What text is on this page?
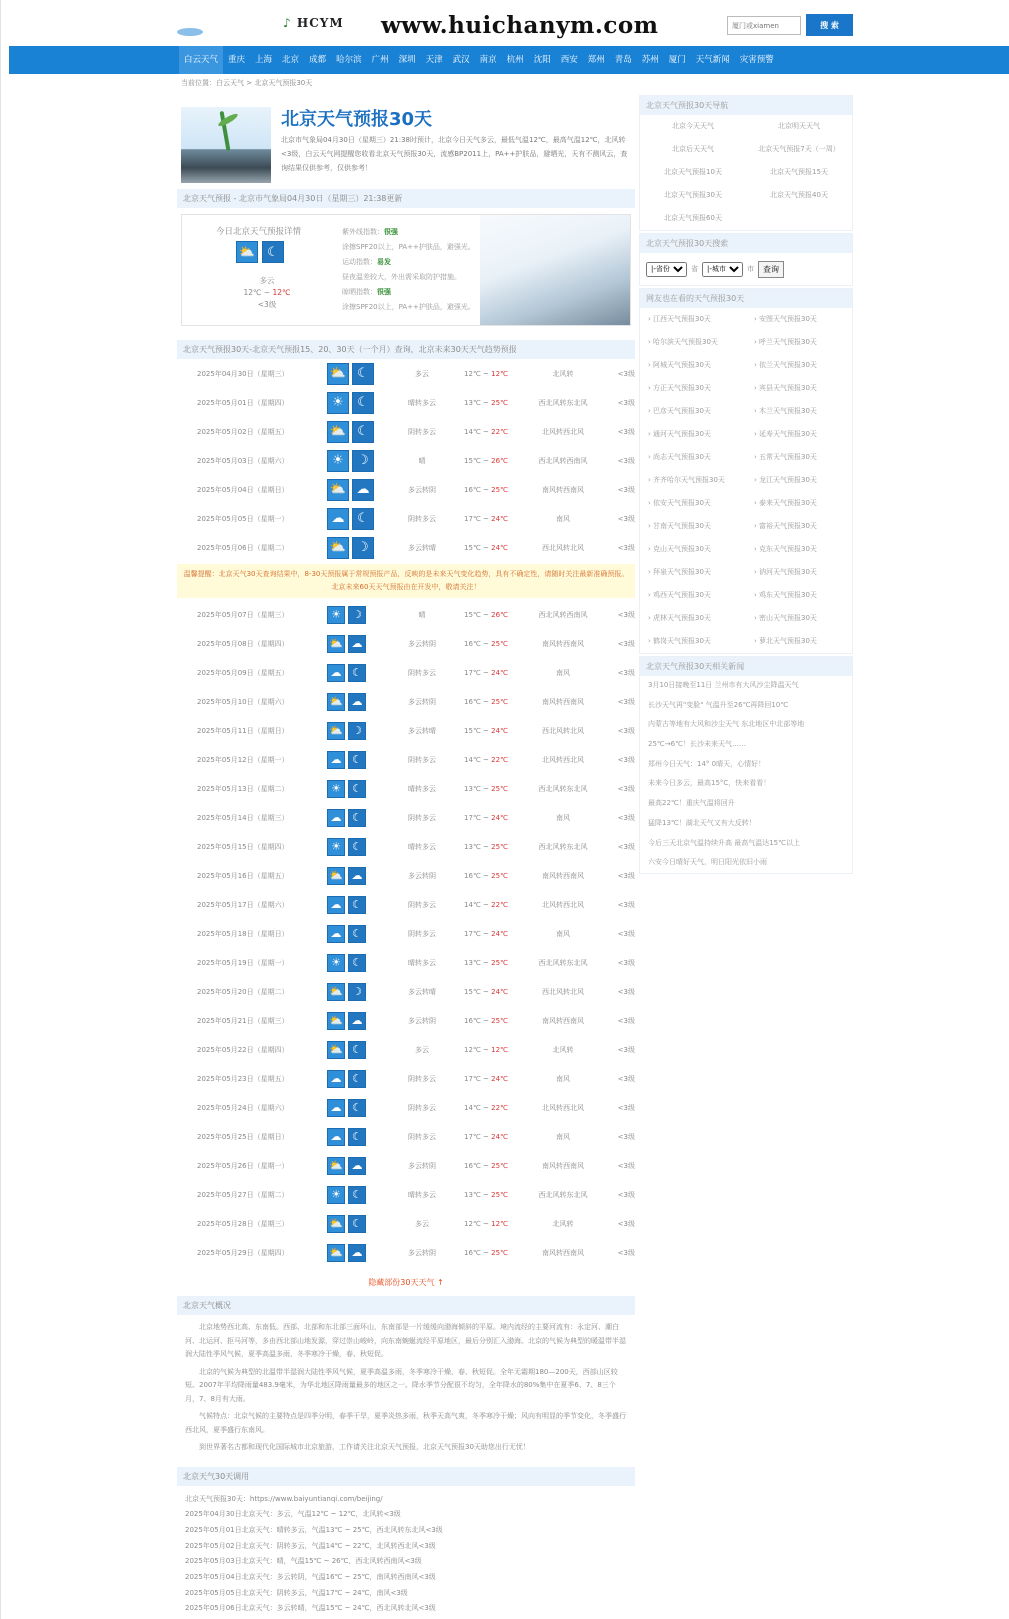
♪ HCYM www.huichanym.com
厦门或xiamen	搜 索
白云天气	重庆	上海	北京	成都	哈尔滨	广州	深圳	天津	武汉	南京	杭州	沈阳	西安	郑州	青岛	苏州	厦门	天气新闻	灾害预警
当前位置：白云天气 > 北京天气预报30天
北京天气预报30天
北京市气象局04月30日（星期三）21:38时预计，北京今日天气多云，最低气温12℃，最高气温12℃，北风转<3级，白云天气网提醒您收看北京天气预报30天，流感BP2011上，PA++护肤品，避晒光，天有不测风云，查询结果仅供参考，仅供参考！
北京天气预报 - 北京市气象局04月30日（星期三）21:38更新
今日北京天气预报详情
⛅ ☾
多云
12℃ ~ 12℃
<3级
紫外线指数：很强
涂擦SPF20以上，PA++护肤品，避强光。
运动指数：易发
昼夜温差较大，外出需采取防护措施。
晾晒指数：很强
涂擦SPF20以上，PA++护肤品，避强光。
北京天气预报30天-北京天气预报15、20、30天（一个月）查询，北京未来30天天气趋势预报
2025年04月30日（星期三）	⛅ ☾	多云	12℃ ~ 12℃	北风转	<3级
2025年05月01日（星期四）	☀	☾	晴转多云	13℃ ~ 25℃	西北风转东北风	<3级
2025年05月02日（星期五）	⛅ ☾	阴转多云	14℃ ~ 22℃	北风转西北风	<3级
2025年05月03日（星期六）	☀	☽	晴	15℃ ~ 26℃	西北风转西南风	<3级
2025年05月04日（星期日）	⛅ ☁	多云转阴	16℃ ~ 25℃	南风转西南风	<3级
2025年05月05日（星期一）	☁ ☾	阴转多云	17℃ ~ 24℃	南风	<3级
2025年05月06日（星期二）	⛅ ☽	多云转晴	15℃ ~ 24℃	西北风转北风	<3级
温馨提醒：北京天气30天查询结果中，8-30天预报属于常规预报产品，反映的是未来天气变化趋势，具有不确定性，请随时关注最新准确预报。北京未来60天天气预报由在开发中，敬请关注！
2025年05月07日（星期三）	☀	☽	晴	15℃ ~ 26℃	西北风转西南风	<3级
2025年05月08日（星期四）	⛅ ☁	多云转阴	16℃ ~ 25℃	南风转西南风	<3级
2025年05月09日（星期五）	☁ ☾	阴转多云	17℃ ~ 24℃	南风	<3级
2025年05月10日（星期六）	⛅ ☁	多云转阴	16℃ ~ 25℃	南风转西南风	<3级
2025年05月11日（星期日）	⛅ ☽	多云转晴	15℃ ~ 24℃	西北风转北风	<3级
2025年05月12日（星期一）	☁ ☾	阴转多云	14℃ ~ 22℃	北风转西北风	<3级
2025年05月13日（星期二）	☀	☾	晴转多云	13℃ ~ 25℃	西北风转东北风	<3级
2025年05月14日（星期三）	☁ ☾	阴转多云	17℃ ~ 24℃	南风	<3级
2025年05月15日（星期四）	☀	☾	晴转多云	13℃ ~ 25℃	西北风转东北风	<3级
2025年05月16日（星期五）	⛅ ☁	多云转阴	16℃ ~ 25℃	南风转西南风	<3级
2025年05月17日（星期六）	☁ ☾	阴转多云	14℃ ~ 22℃	北风转西北风	<3级
2025年05月18日（星期日）	☁ ☾	阴转多云	17℃ ~ 24℃	南风	<3级
2025年05月19日（星期一）	☀	☾	晴转多云	13℃ ~ 25℃	西北风转东北风	<3级
2025年05月20日（星期二）	⛅ ☽	多云转晴	15℃ ~ 24℃	西北风转北风	<3级
2025年05月21日（星期三）	⛅ ☁	多云转阴	16℃ ~ 25℃	南风转西南风	<3级
2025年05月22日（星期四）	⛅ ☾	多云	12℃ ~ 12℃	北风转	<3级
2025年05月23日（星期五）	☁ ☾	阴转多云	17℃ ~ 24℃	南风	<3级
2025年05月24日（星期六）	☁ ☾	阴转多云	14℃ ~ 22℃	北风转西北风	<3级
2025年05月25日（星期日）	☁ ☾	阴转多云	17℃ ~ 24℃	南风	<3级
2025年05月26日（星期一）	⛅ ☁	多云转阴	16℃ ~ 25℃	南风转西南风	<3级
2025年05月27日（星期二）	☀	☾	晴转多云	13℃ ~ 25℃	西北风转东北风	<3级
2025年05月28日（星期三）	⛅ ☾	多云	12℃ ~ 12℃	北风转	<3级
2025年05月29日（星期四）	⛅ ☁	多云转阴	16℃ ~ 25℃	南风转西南风	<3级
隐藏部份30天天气 ↑
北京天气概况

北京地势西北高、东南低。西部、北部和东北部三面环山，东南部是一片缓缓向渤海倾斜的平原。境内流经的主要河流有：永定河、潮白河、北运河、拒马河等，多由西北部山地发源，穿过崇山峻岭，向东南蜿蜒流经平原地区，最后分别汇入渤海。北京的气候为典型的暖温带半湿润大陆性季风气候，夏季高温多雨，冬季寒冷干燥，春、秋短促。

北京的气候为典型的北温带半湿润大陆性季风气候，夏季高温多雨，冬季寒冷干燥，春、秋短促。全年无霜期180—200天，西部山区较短。2007年平均降雨量483.9毫米，为华北地区降雨量最多的地区之一。降水季节分配很不均匀，全年降水的80%集中在夏季6、7、8三个月，7、8月有大雨。

气候特点：北京气候的主要特点是四季分明，春季干旱，夏季炎热多雨，秋季天高气爽，冬季寒冷干燥；风向有明显的季节变化，冬季盛行西北风，夏季盛行东南风。

到世界著名古都和现代化国际城市北京旅游，工作请关注北京天气预报，北京天气预报30天助您出行无忧！

北京天气30天调用
北京天气预报30天：https://www.baiyuntianqi.com/beijing/
2025年04月30日北京天气：多云，气温12℃ ~ 12℃，北风转<3级
2025年05月01日北京天气：晴转多云，气温13℃ ~ 25℃，西北风转东北风<3级
2025年05月02日北京天气：阴转多云，气温14℃ ~ 22℃，北风转西北风<3级
2025年05月03日北京天气：晴，气温15℃ ~ 26℃，西北风转西南风<3级
2025年05月04日北京天气：多云转阴，气温16℃ ~ 25℃，南风转西南风<3级
2025年05月05日北京天气：阴转多云，气温17℃ ~ 24℃，南风<3级
2025年05月06日北京天气：多云转晴，气温15℃ ~ 24℃，西北风转北风<3级
北京天气预报30天导航
北京今天天气	北京明天天气
北京后天天气	北京天气预报7天（一周）
北京天气预报10天	北京天气预报15天
北京天气预报30天	北京天气预报40天
北京天气预报60天
北京天气预报30天搜索
|-省份
省
|-城市	市	查询
网友也在看的天气预报30天
› 江西天气预报30天	› 安图天气预报30天
› 哈尔滨天气预报30天	› 呼兰天气预报30天
› 阿城天气预报30天	› 依兰天气预报30天
› 方正天气预报30天	› 宾县天气预报30天
› 巴彦天气预报30天	› 木兰天气预报30天
› 通河天气预报30天	› 延寿天气预报30天
› 尚志天气预报30天	› 五常天气预报30天
› 齐齐哈尔天气预报30天	› 龙江天气预报30天
› 依安天气预报30天	› 泰来天气预报30天
› 甘南天气预报30天	› 富裕天气预报30天
› 克山天气预报30天	› 克东天气预报30天
› 拜泉天气预报30天	› 讷河天气预报30天
› 鸡西天气预报30天	› 鸡东天气预报30天
› 虎林天气预报30天	› 密山天气预报30天
› 鹤岗天气预报30天	› 萝北天气预报30天
北京天气预报30天相关新闻
3月10日接晚至11日 兰州市有大风沙尘降温天气
长沙天气再"变脸" 气温升至26℃再降回10℃
内蒙古等地有大风和沙尘天气 东北地区中北部等地
25℃→6℃！长沙未来天气……
郑州今日天气：14° 0晴天，心情好！
未来今日多云，最高15°C，快来看看！
最高22℃！重庆气温将回升
猛降13℃！湖北天气又有大反转！
今后三天北京气温持续升高 最高气温达15℃以上
六安今日晴好天气，明日阳光依旧小雨
